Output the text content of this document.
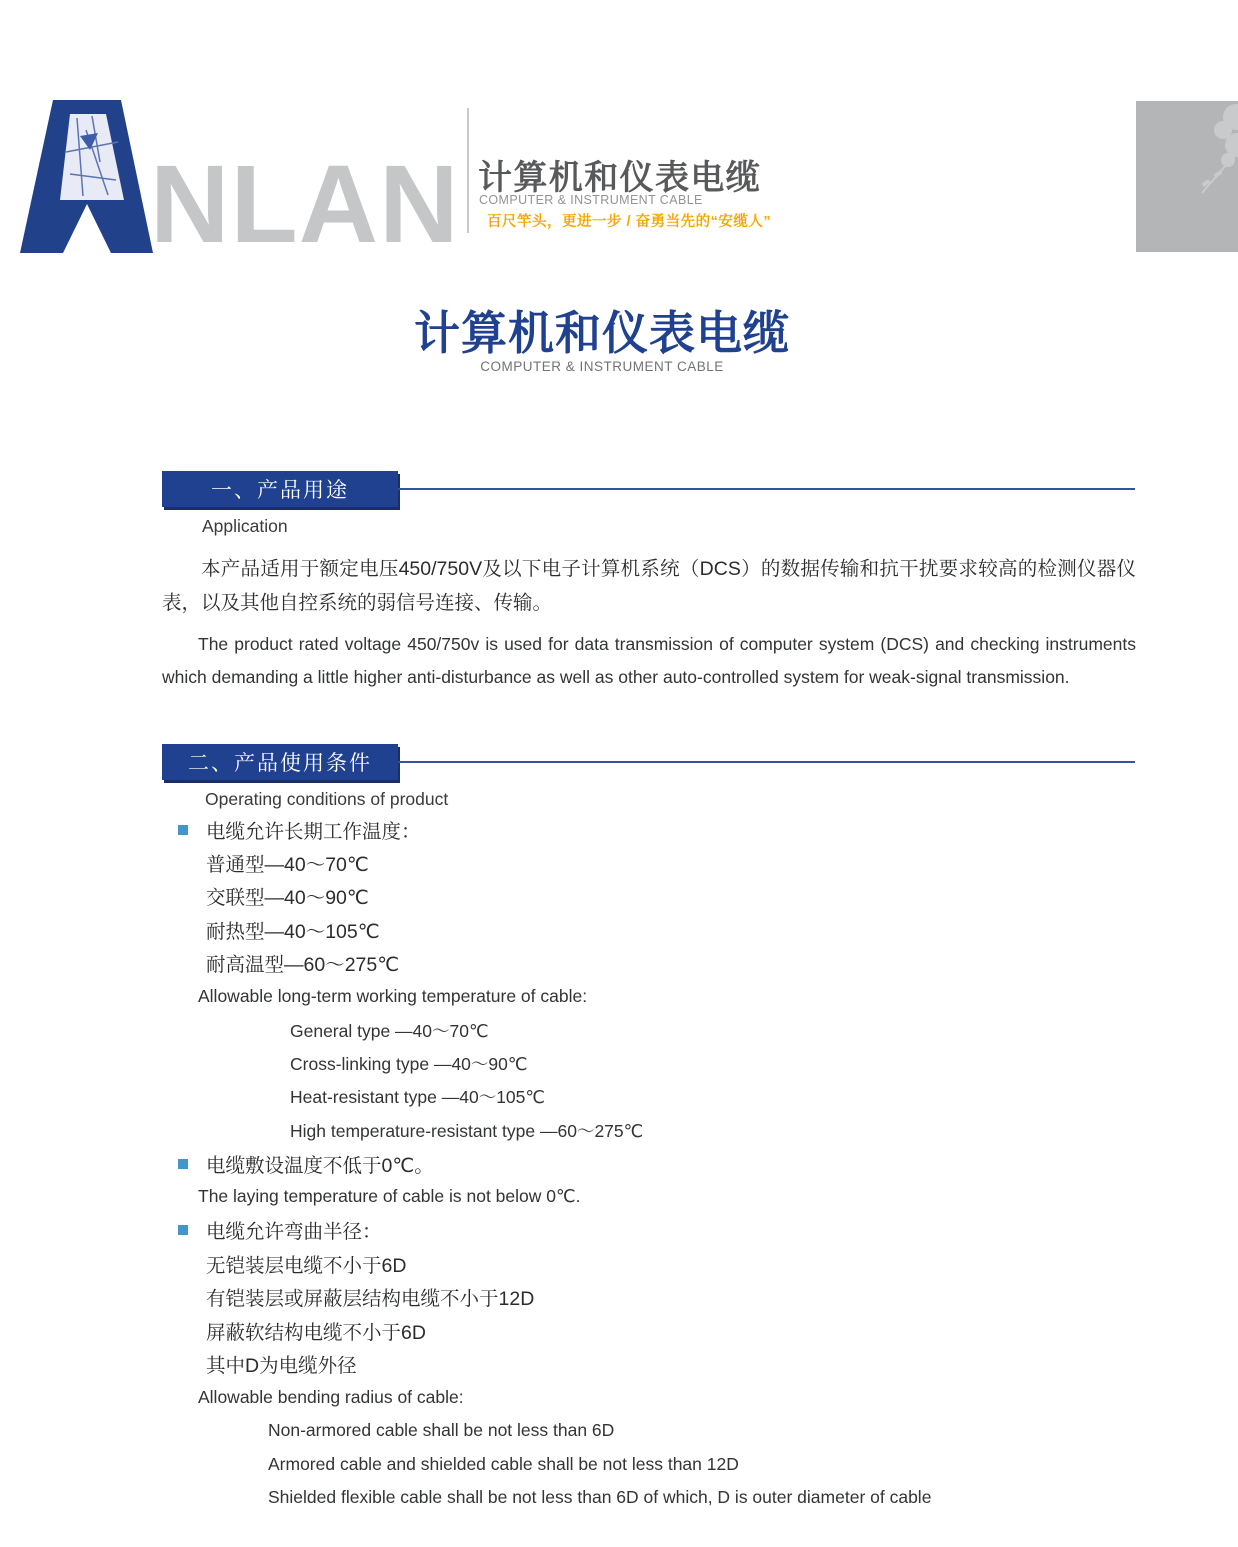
NLAN 计算机和仪表电缆
COMPUTER & INSTRUMENT CABLE
百尺竿头，更进一步 / 奋勇当先的“安缆人”
计算机和仪表电缆
COMPUTER & INSTRUMENT CABLE
一、产品用途
Application
本产品适用于额定电压450/750V及以下电子计算机系统（DCS）的数据传输和抗干扰要求较高的检测仪器仪表，以及其他自控系统的弱信号连接、传输。
The product rated voltage 450/750v is used for data transmission of computer system (DCS) and checking instruments which demanding a little higher anti-disturbance as well as other auto-controlled system for weak-signal transmission.
二、产品使用条件
Operating conditions of product
电缆允许长期工作温度：
普通型—40～70℃
交联型—40～90℃
耐热型—40～105℃
耐高温型—60～275℃
Allowable long-term working temperature of cable:
General type —40～70℃
Cross-linking type —40～90℃
Heat-resistant type —40～105℃
High temperature-resistant type —60～275℃
电缆敷设温度不低于0℃。
The laying temperature of cable is not below 0℃.
电缆允许弯曲半径：
无铠装层电缆不小于6D
有铠装层或屏蔽层结构电缆不小于12D
屏蔽软结构电缆不小于6D
其中D为电缆外径
Allowable bending radius of cable:
Non-armored cable shall be not less than 6D
Armored cable and shielded cable shall be not less than 12D
Shielded flexible cable shall be not less than 6D of which, D is outer diameter of cable
